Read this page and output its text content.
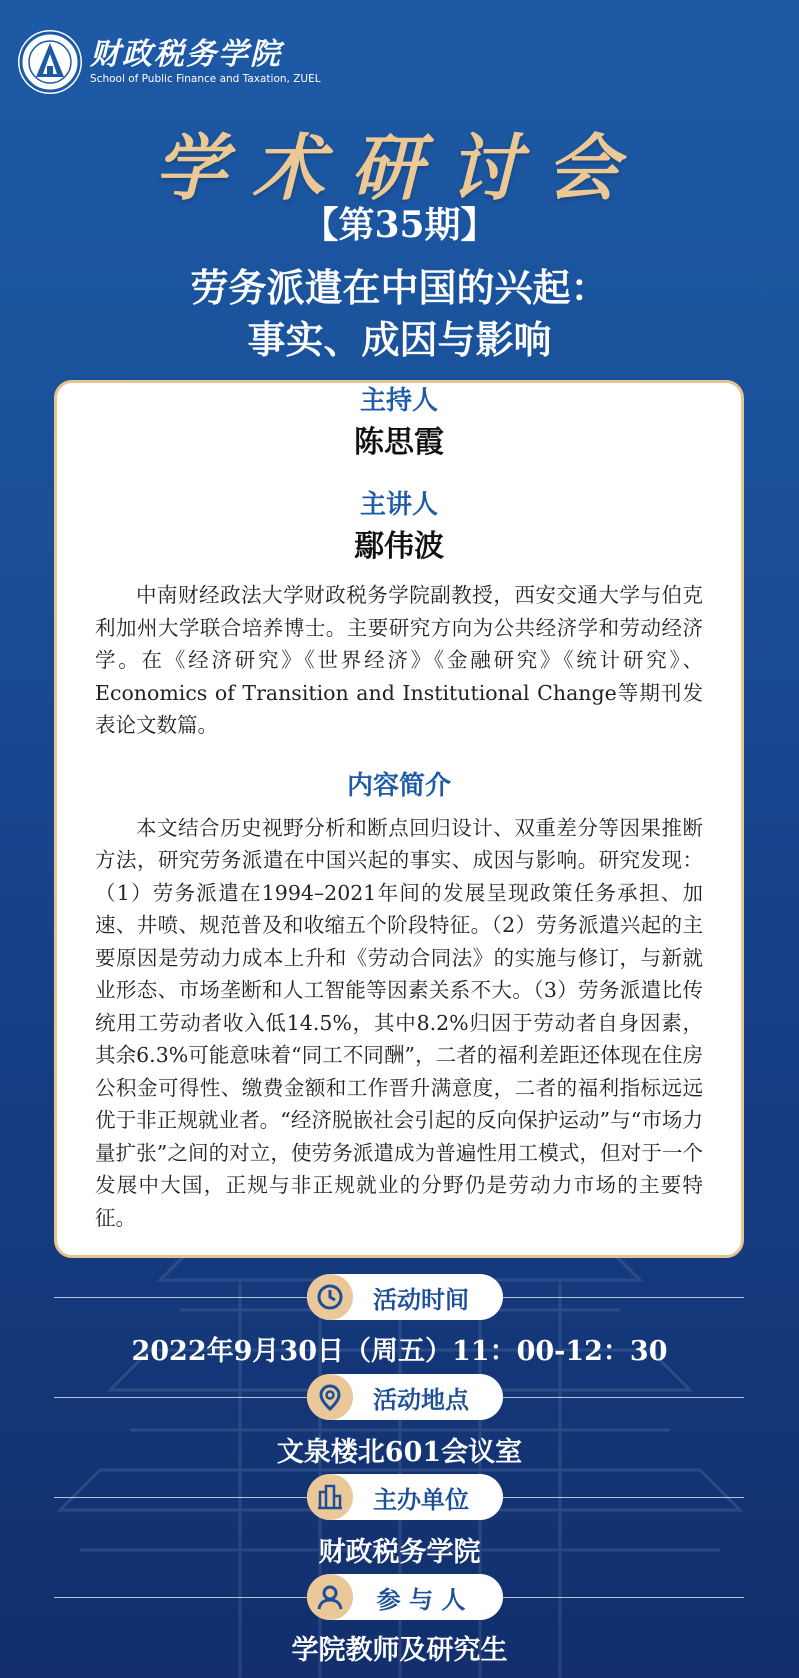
财政税务学院
School of Public Finance and Taxation, ZUEL
学术研讨会
【第35期】
劳务派遣在中国的兴起：
事实、成因与影响
主持人
陈思霞
主讲人
鄢伟波

中南财经政法大学财政税务学院副教授，西安交通大学与伯克利加州大学联合培养博士。主要研究方向为公共经济学和劳动经济学。在《经济研究》《世界经济》《金融研究》《统计研究》、Economics of Transition and Institutional Change等期刊发表论文数篇。

内容简介

本文结合历史视野分析和断点回归设计、双重差分等因果推断方法，研究劳务派遣在中国兴起的事实、成因与影响。研究发现：（1）劳务派遣在1994–2021年间的发展呈现政策任务承担、加速、井喷、规范普及和收缩五个阶段特征。（2）劳务派遣兴起的主要原因是劳动力成本上升和《劳动合同法》的实施与修订，与新就业形态、市场垄断和人工智能等因素关系不大。（3）劳务派遣比传统用工劳动者收入低14.5%，其中8.2%归因于劳动者自身因素，其余6.3%可能意味着“同工不同酬”，二者的福利差距还体现在住房公积金可得性、缴费金额和工作晋升满意度，二者的福利指标远远优于非正规就业者。“经济脱嵌社会引起的反向保护运动”与“市场力量扩张”之间的对立，使劳务派遣成为普遍性用工模式，但对于一个发展中大国，正规与非正规就业的分野仍是劳动力市场的主要特征。

活动时间
2022年9月30日（周五）11：00-12：30
活动地点
文泉楼北601会议室
主办单位
财政税务学院
参 与 人
学院教师及研究生
